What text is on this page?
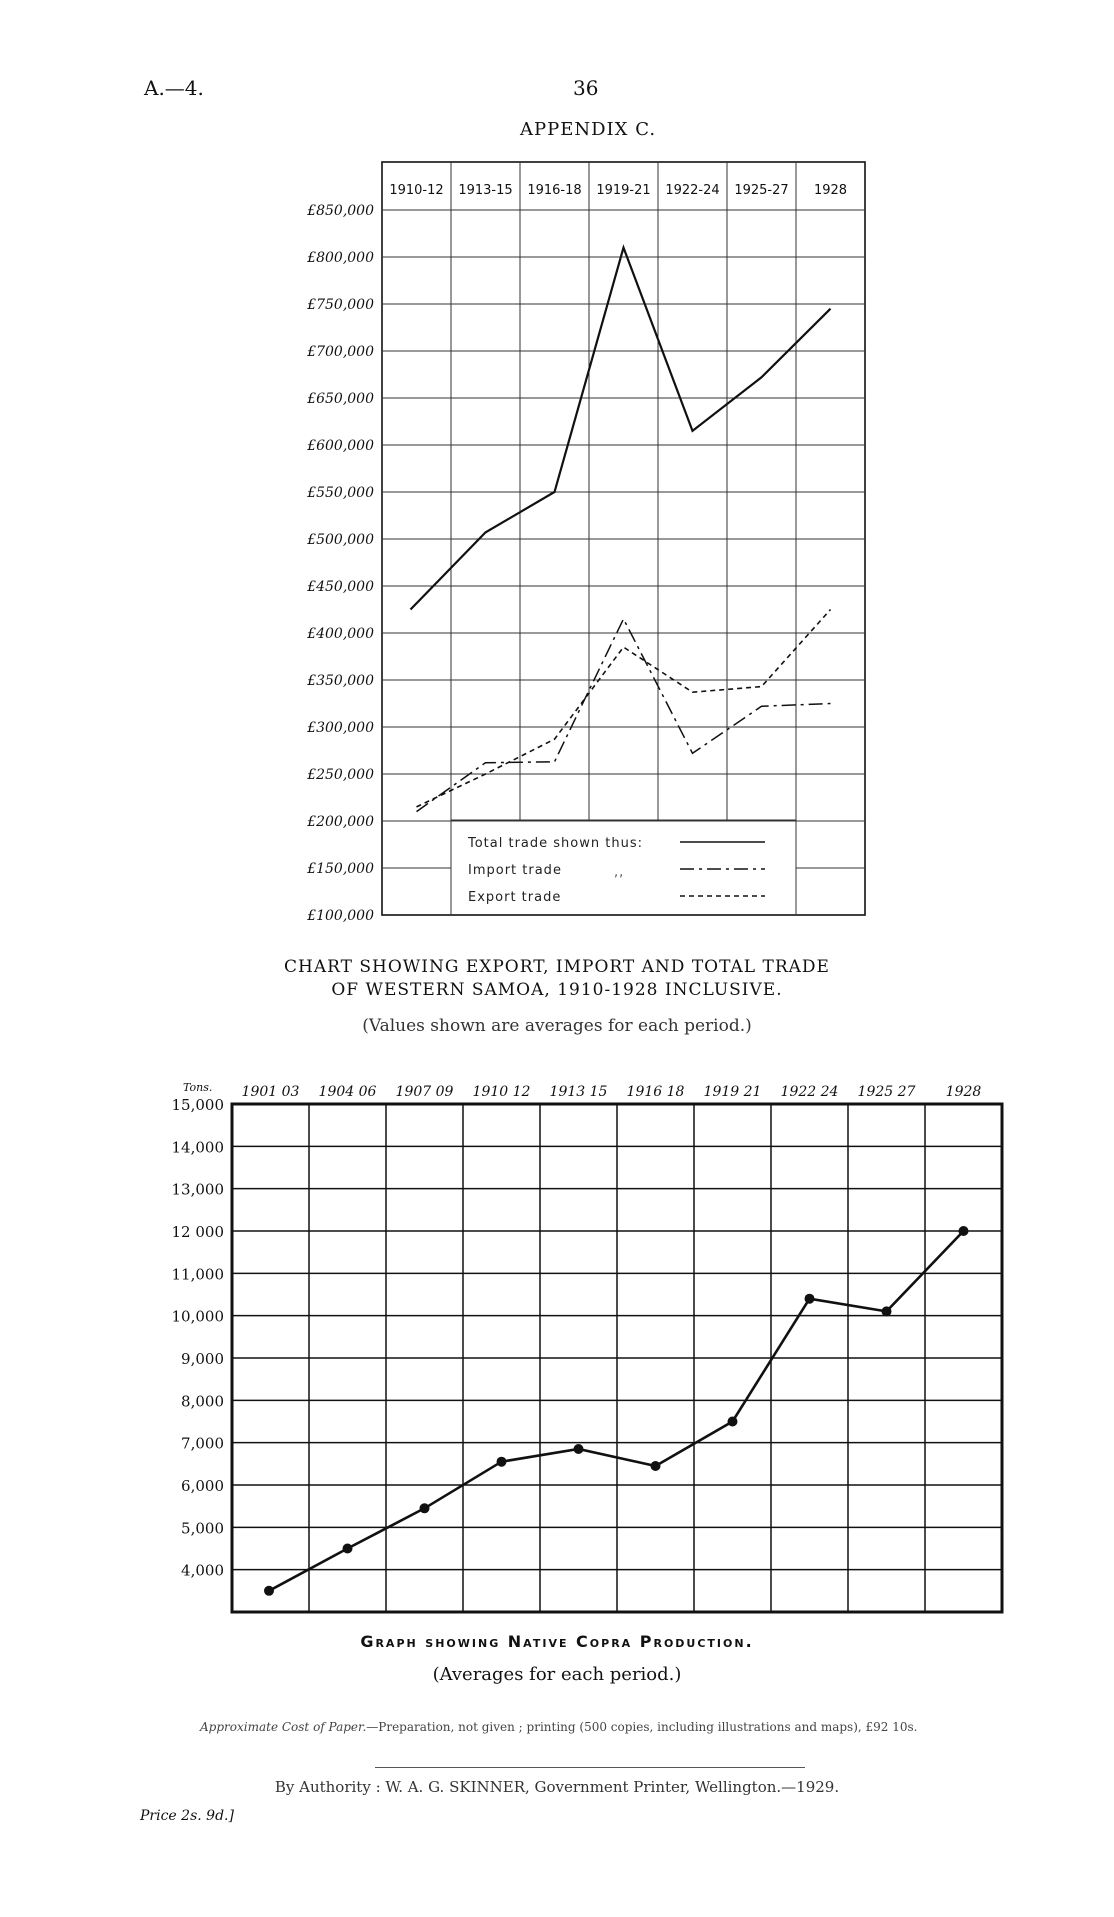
A.—4.	36
APPENDIX C.
£850,000
£800,000
£750,000
£700,000
£650,000
£600,000
£550,000
£500,000
£450,000
£400,000
£350,000
£300,000
£250,000
£200,000
£150,000
£100,000
1910-12 1913-15 1916-18 1919-21 1922-24 1925-27 1928
Total trade shown thus:
Import trade	,,
Export trade
15,000
14,000
13,000
12 000
11,000
10,000
9,000
8,000
7,000
6,000
5,000
4,000
Tons. 1901 03 1904 06 1907 09 1910 12 1913 15 1916 18 1919 21 1922 24 1925 27 1928
CHART SHOWING EXPORT, IMPORT AND TOTAL TRADE
OF WESTERN SAMOA, 1910-1928 INCLUSIVE.
(Values shown are averages for each period.)
Graph showing Native Copra Production.
(Averages for each period.)
Approximate Cost of Paper.—Preparation, not given ; printing (500 copies, including illustrations and maps), £92 10s.
By Authority : W. A. G. SKINNER, Government Printer, Wellington.—1929.
Price 2s. 9d.]
